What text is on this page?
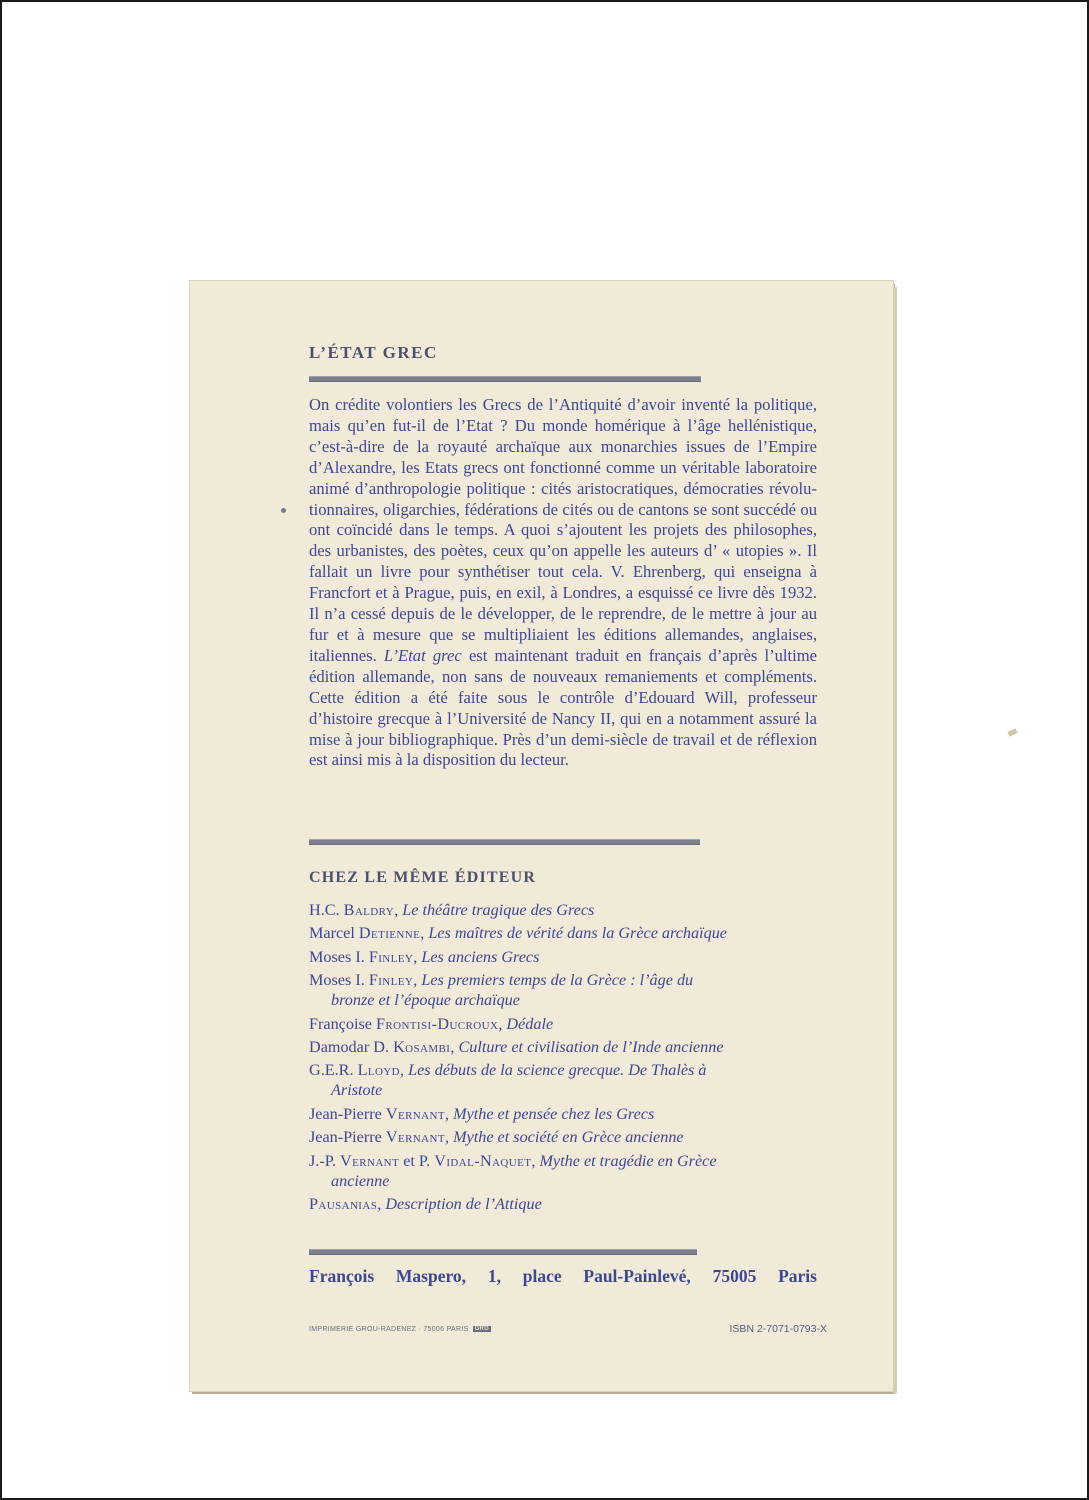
L’ÉTAT GREC

On crédite volontiers les Grecs de l’Antiquité d’avoir inventé la politique, mais qu’en fut-il de l’Etat ? Du monde homérique à l’âge hellénistique, c’est-à-dire de la royauté archaïque aux monarchies issues de l’Empire d’Alexandre, les Etats grecs ont fonctionné comme un véritable laboratoire animé d’anthropologie politique : cités aristocratiques, démocraties révolutionnaires, oligarchies, fédérations de cités ou de cantons se sont succédé ou ont coïncidé dans le temps. A quoi s’ajoutent les projets des philosophes, des urbanistes, des poètes, ceux qu’on appelle les auteurs d’ « utopies ». Il fallait un livre pour synthétiser tout cela. V. Ehrenberg, qui enseigna à Francfort et à Prague, puis, en exil, à Londres, a esquissé ce livre dès 1932. Il n’a cessé depuis de le développer, de le reprendre, de le mettre à jour au fur et à mesure que se multipliaient les éditions allemandes, anglaises, italiennes. L’Etat grec est maintenant traduit en français d’après l’ultime édition allemande, non sans de nouveaux remaniements et compléments. Cette édition a été faite sous le contrôle d’Edouard Will, professeur d’histoire grecque à l’Université de Nancy II, qui en a notamment assuré la mise à jour bibliographique. Près d’un demi-siècle de travail et de réflexion est ainsi mis à la disposition du lecteur.

CHEZ LE MÊME ÉDITEUR
H.C. Baldry, Le théâtre tragique des Grecs
Marcel Detienne, Les maîtres de vérité dans la Grèce archaïque
Moses I. Finley, Les anciens Grecs
Moses I. Finley, Les premiers temps de la Grèce : l’âge du
bronze et l’époque archaïque
Françoise Frontisi-Ducroux, Dédale
Damodar D. Kosambi, Culture et civilisation de l’Inde ancienne
G.E.R. Lloyd, Les débuts de la science grecque. De Thalès à
Aristote
Jean-Pierre Vernant, Mythe et pensée chez les Grecs
Jean-Pierre Vernant, Mythe et société en Grèce ancienne
J.-P. Vernant et P. Vidal-Naquet, Mythe et tragédie en Grèce
ancienne
Pausanias, Description de l’Attique
François Maspero, 1, place Paul-Painlevé, 75005 Paris
IMPRIMERIE GROU-RADENEZ · 75006 PARIS GRG	ISBN 2-7071-0793-X
